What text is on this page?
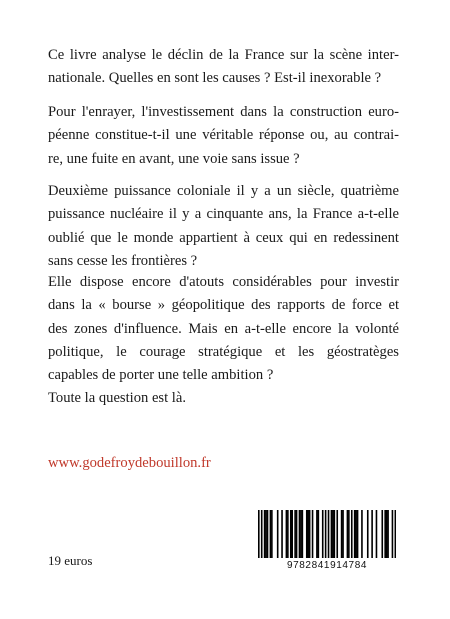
Ce livre analyse le déclin de la France sur la scène inter-
nationale. Quelles en sont les causes ? Est-il inexorable ?
Pour l'enrayer, l'investissement dans la construction euro-
péenne constitue-t-il une véritable réponse ou, au contrai-
re, une fuite en avant, une voie sans issue ?
Deuxième puissance coloniale il y a un siècle, quatrième
puissance nucléaire il y a cinquante ans, la France a-t-elle
oublié que le monde appartient à ceux qui en redessinent
sans cesse les frontières ?
Elle dispose encore d'atouts considérables pour investir
dans la « bourse » géopolitique des rapports de force et
des zones d'influence. Mais en a-t-elle encore la volonté
politique, le courage stratégique et les géostratèges
capables de porter une telle ambition ?
Toute la question est là.
www.godefroydebouillon.fr
19 euros	9782841914784
